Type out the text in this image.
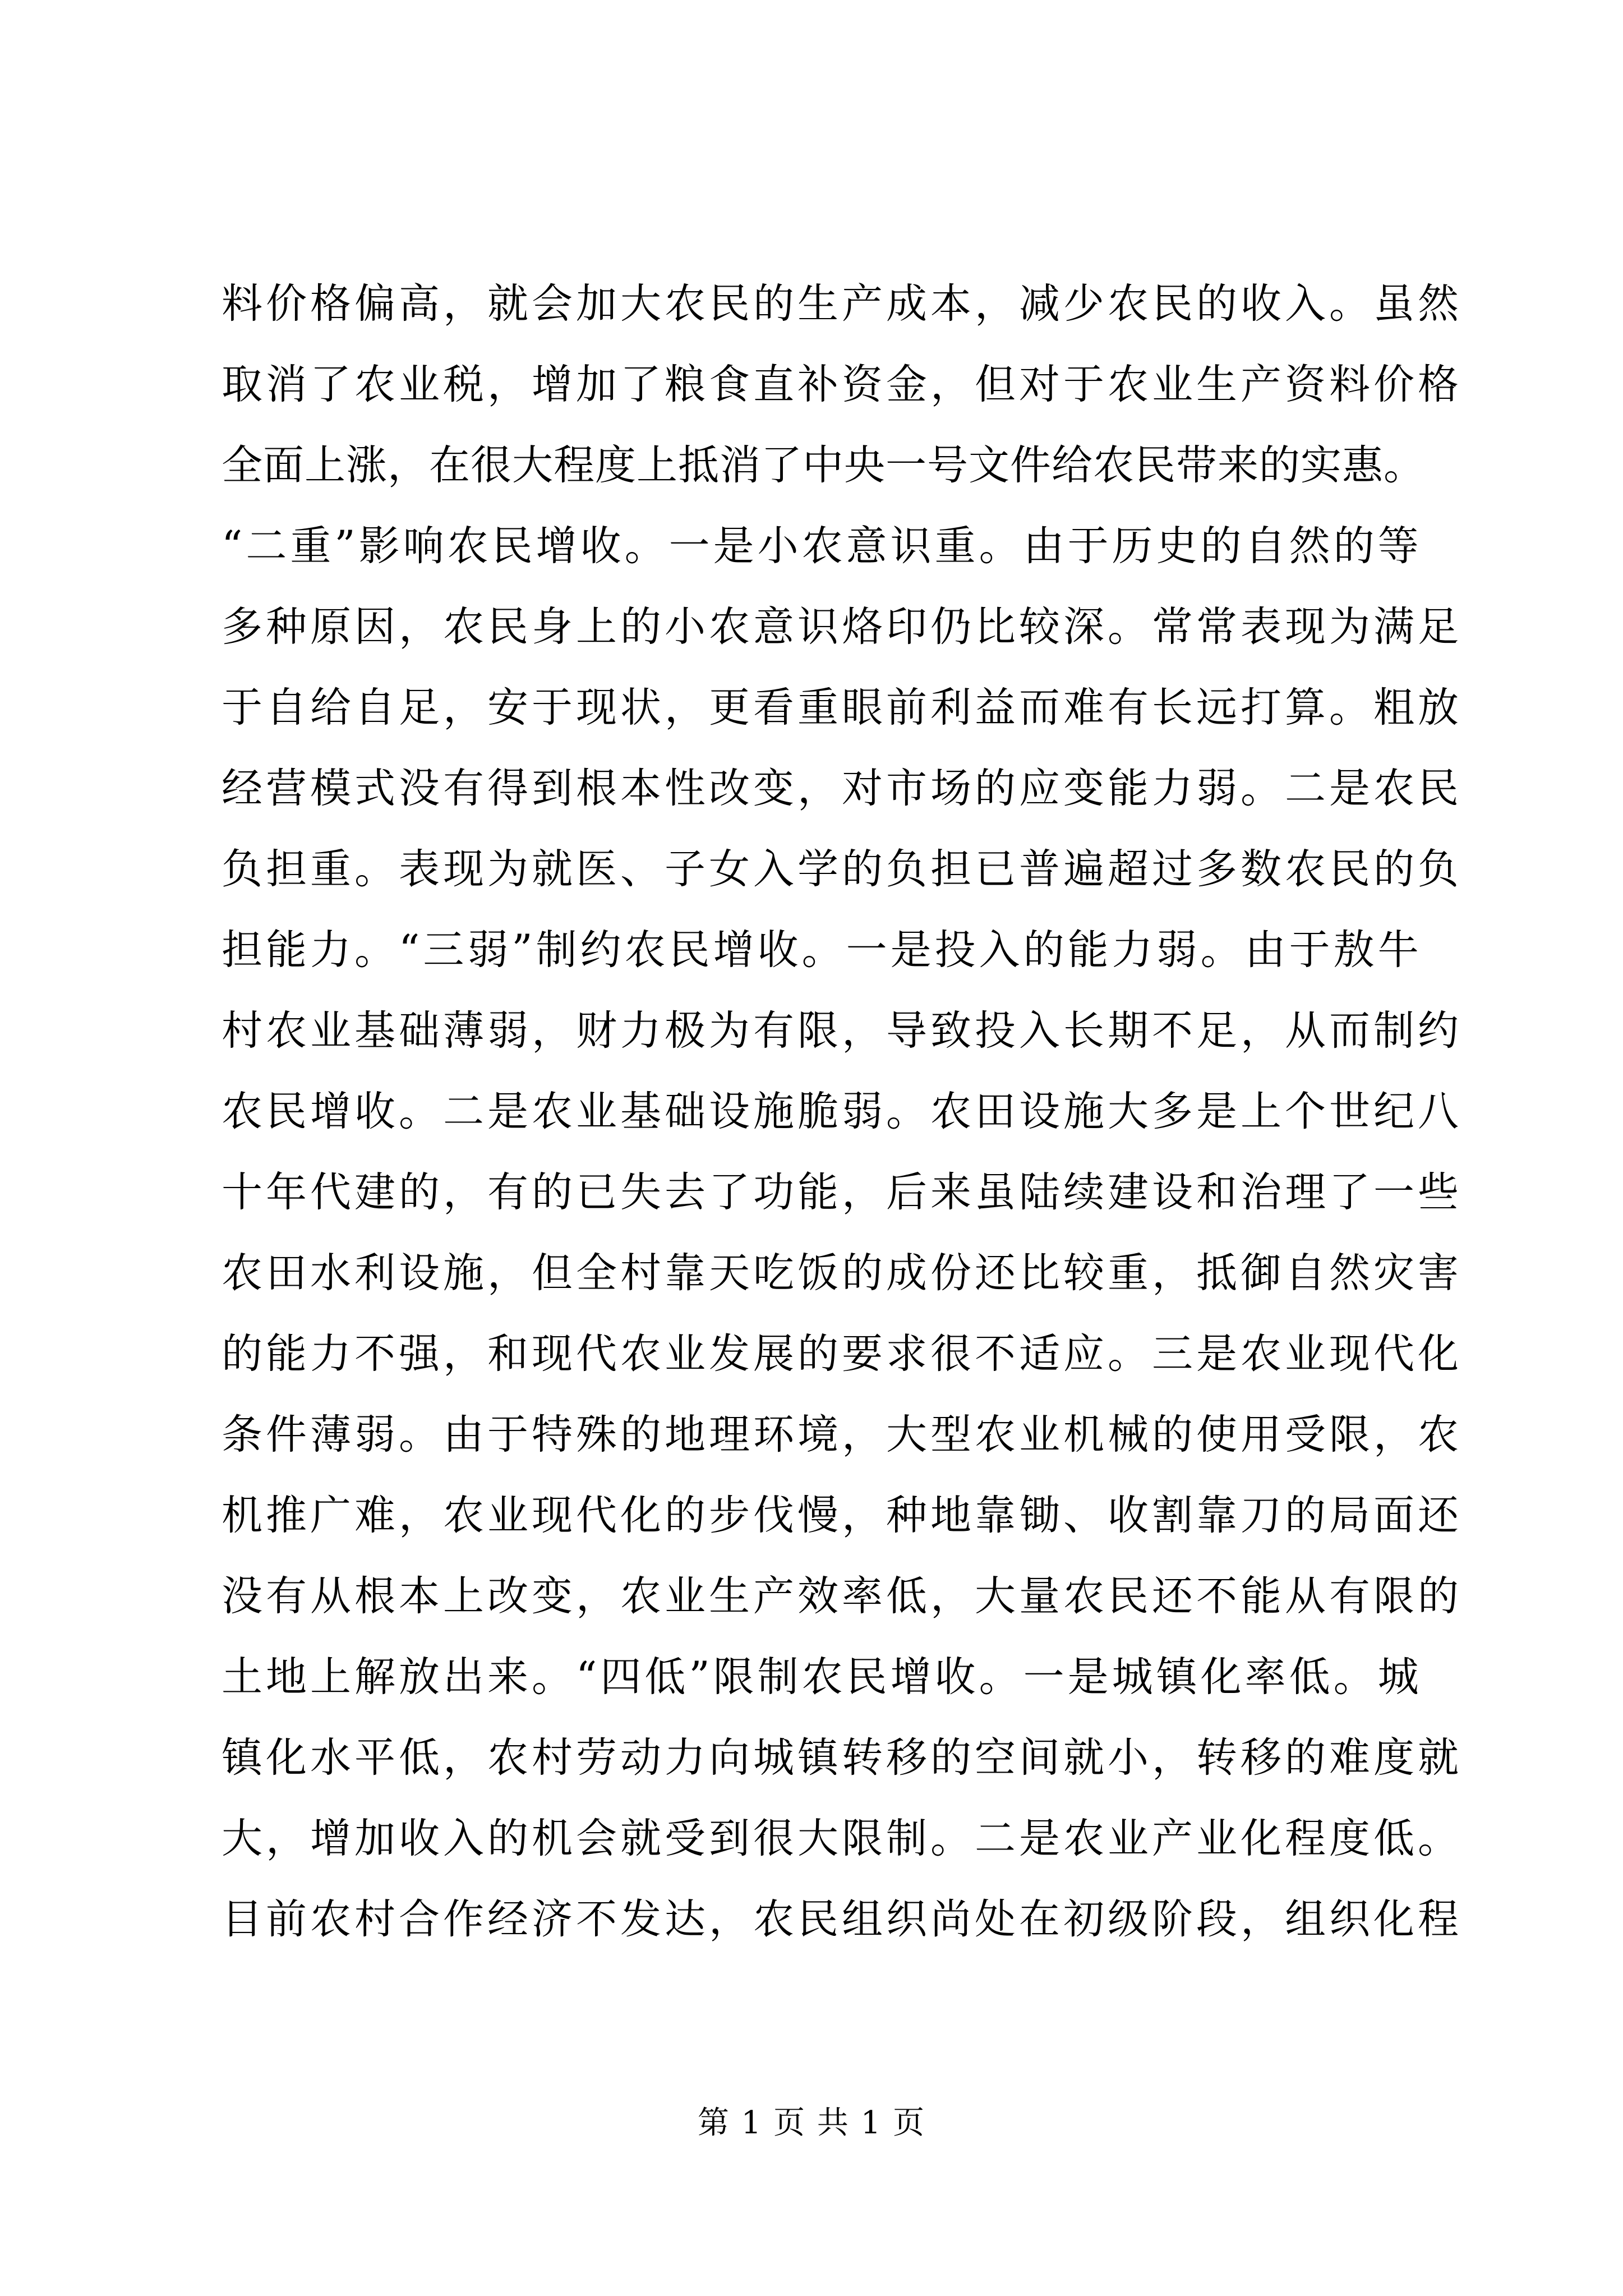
料价格偏高，就会加大农民的生产成本，减少农民的收入。虽然
取消了农业税，增加了粮食直补资金，但对于农业生产资料价格
全面上涨，在很大程度上抵消了中央一号文件给农民带来的实惠。
“二重”影响农民增收。一是小农意识重。由于历史的自然的等
多种原因，农民身上的小农意识烙印仍比较深。常常表现为满足
于自给自足，安于现状，更看重眼前利益而难有长远打算。粗放
经营模式没有得到根本性改变，对市场的应变能力弱。二是农民
负担重。表现为就医、子女入学的负担已普遍超过多数农民的负
担能力。“三弱”制约农民增收。一是投入的能力弱。由于敖牛
村农业基础薄弱，财力极为有限，导致投入长期不足，从而制约
农民增收。二是农业基础设施脆弱。农田设施大多是上个世纪八
十年代建的，有的已失去了功能，后来虽陆续建设和治理了一些
农田水利设施，但全村靠天吃饭的成份还比较重，抵御自然灾害
的能力不强，和现代农业发展的要求很不适应。三是农业现代化
条件薄弱。由于特殊的地理环境，大型农业机械的使用受限，农
机推广难，农业现代化的步伐慢，种地靠锄、收割靠刀的局面还
没有从根本上改变，农业生产效率低，大量农民还不能从有限的
土地上解放出来。“四低”限制农民增收。一是城镇化率低。城
镇化水平低，农村劳动力向城镇转移的空间就小，转移的难度就
大，增加收入的机会就受到很大限制。二是农业产业化程度低。
目前农村合作经济不发达，农民组织尚处在初级阶段，组织化程
第 1 页 共 1 页
